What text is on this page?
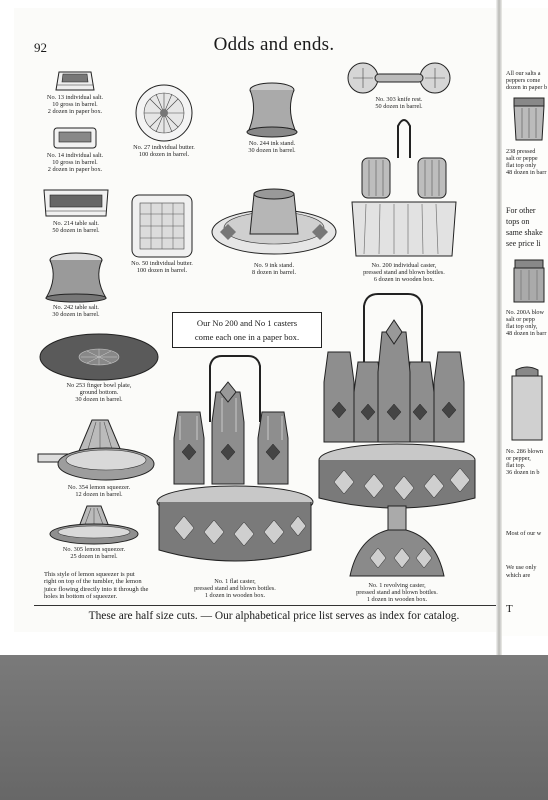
92	Odds and ends.
No. 13 individual salt.
10 gross in barrel.
2 dozen in paper box.
No. 14 individual salt.
10 gross in barrel.
2 dozen in paper box.
No. 214 table salt.
50 dozen in barrel.
No. 242 table salt.
30 dozen in barrel.
No. 27 individual butter.
100 dozen in barrel.
No. 50 individual butter.
100 dozen in barrel.
No. 244 ink stand.
30 dozen in barrel.
No. 9 ink stand.
8 dozen in barrel.
No. 303 knife rest.
50 dozen in barrel.
No. 200 individual caster,
pressed stand and blown bottles.
6 dozen in wooden box.
Our No 200 and No 1 casters
come each one in a paper box.
No 253 finger bowl plate,
ground bottom.
30 dozen in barrel.
No. 354 lemon squeezer.
12 dozen in barrel.
No. 305 lemon squeezer.
25 dozen in barrel.
This style of lemon squeezer is put
right on top of the tumbler, the lemon
juice flowing directly into it through the
holes in bottom of squeezer.
No. 1 flat caster,
pressed stand and blown bottles.
1 dozen in wooden box.
No. 1 revolving caster,
pressed stand and blown bottles.
1 dozen in wooden box.
These are half size cuts. — Our alphabetical price list serves as index for catalog.
All our salts a
peppers come
dozen in paper b
238 pressed
salt or peppe
flat top only
48 dozen in barr
For other
tops on
same shake
see price li
No. 200A blow
salt or pepp
flat top only,
48 dozen in barr
No. 286 blown
or pepper,
flat top.
36 dozen in b
Most of our w
We use only
which are
T
